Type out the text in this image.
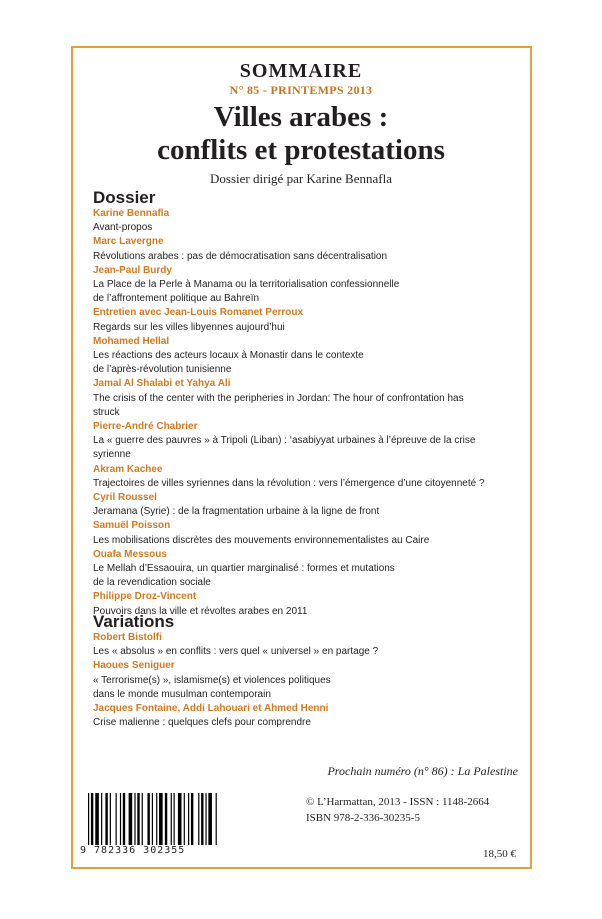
SOMMAIRE
N° 85 - PRINTEMPS 2013
Villes arabes :
conflits et protestations
Dossier dirigé par Karine Bennafla
Dossier
Karine Bennafla
Avant-propos
Marc Lavergne
Révolutions arabes : pas de démocratisation sans décentralisation
Jean-Paul Burdy
La Place de la Perle à Manama ou la territorialisation confessionnelle
de l’affrontement politique au Bahreïn
Entretien avec Jean-Louis Romanet Perroux
Regards sur les villes libyennes aujourd’hui
Mohamed Hellal
Les réactions des acteurs locaux à Monastir dans le contexte
de l’après-révolution tunisienne
Jamal Al Shalabi et Yahya Ali
The crisis of the center with the peripheries in Jordan: The hour of confrontation has
struck
Pierre-André Chabrier
La « guerre des pauvres » à Tripoli (Liban) : ‘asabiyyat urbaines à l’épreuve de la crise
syrienne
Akram Kachee
Trajectoires de villes syriennes dans la révolution : vers l’émergence d’une citoyenneté ?
Cyril Roussel
Jeramana (Syrie) : de la fragmentation urbaine à la ligne de front
Samuël Poisson
Les mobilisations discrètes des mouvements environnementalistes au Caire
Ouafa Messous
Le Mellah d’Essaouira, un quartier marginalisé : formes et mutations
de la revendication sociale
Philippe Droz-Vincent
Pouvoirs dans la ville et révoltes arabes en 2011
Variations
Robert Bistolfi
Les « absolus » en conflits : vers quel « universel » en partage ?
Haoues Seniguer
« Terrorisme(s) », islamisme(s) et violences politiques
dans le monde musulman contemporain
Jacques Fontaine, Addi Lahouari et Ahmed Henni
Crise malienne : quelques clefs pour comprendre
Prochain numéro (n° 86) : La Palestine
9 782336 302355
© L’Harmattan, 2013 - ISSN : 1148-2664
ISBN 978-2-336-30235-5
18,50 €
